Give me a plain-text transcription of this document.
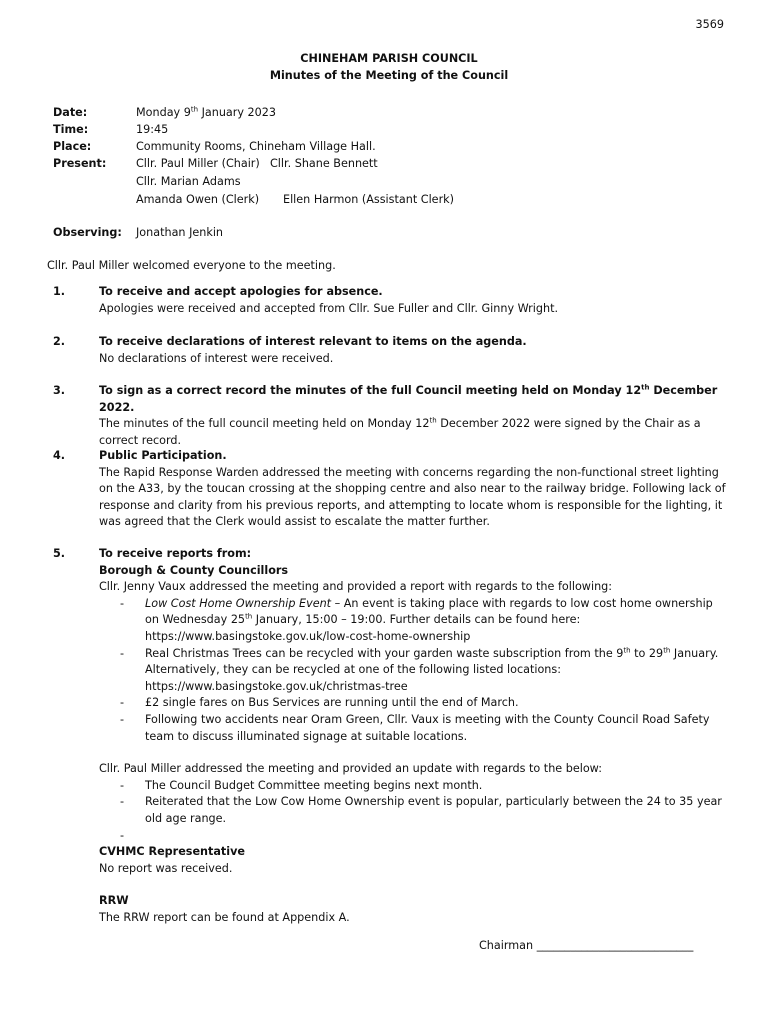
3569
CHINEHAM PARISH COUNCIL
Minutes of the Meeting of the Council
Date:	Monday 9th January 2023
Time:	19:45
Place:	Community Rooms, Chineham Village Hall.
Present:	Cllr. Paul Miller (Chair) Cllr. Shane Bennett
Cllr. Marian Adams
Amanda Owen (Clerk) Ellen Harmon (Assistant Clerk)
Observing: Jonathan Jenkin
Cllr. Paul Miller welcomed everyone to the meeting.
1.	To receive and accept apologies for absence.

Apologies were received and accepted from Cllr. Sue Fuller and Cllr. Ginny Wright.

2.	To receive declarations of interest relevant to items on the agenda.

No declarations of interest were received.

3.	To sign as a correct record the minutes of the full Council meeting held on Monday 12th December 2022.

The minutes of the full council meeting held on Monday 12th December 2022 were signed by the Chair as a correct record.

4.	Public Participation.

The Rapid Response Warden addressed the meeting with concerns regarding the non-functional street lighting on the A33, by the toucan crossing at the shopping centre and also near to the railway bridge. Following lack of response and clarity from his previous reports, and attempting to locate whom is responsible for the lighting, it was agreed that the Clerk would assist to escalate the matter further.

5.	To receive reports from:

Borough & County Councillors

Cllr. Jenny Vaux addressed the meeting and provided a report with regards to the following:

- Low Cost Home Ownership Event – An event is taking place with regards to low cost home ownership on Wednesday 25th January, 15:00 – 19:00. Further details can be found here:
https://www.basingstoke.gov.uk/low-cost-home-ownership
- Real Christmas Trees can be recycled with your garden waste subscription from the 9th to 29th January. Alternatively, they can be recycled at one of the following listed locations:
https://www.basingstoke.gov.uk/christmas-tree
- £2 single fares on Bus Services are running until the end of March.
- Following two accidents near Oram Green, Cllr. Vaux is meeting with the County Council Road Safety team to discuss illuminated signage at suitable locations.

Cllr. Paul Miller addressed the meeting and provided an update with regards to the below:

- The Council Budget Committee meeting begins next month.
- Reiterated that the Low Cow Home Ownership event is popular, particularly between the 24 to 35 year old age range.
-

CVHMC Representative

No report was received.

RRW

The RRW report can be found at Appendix A.

Chairman ____________________________
